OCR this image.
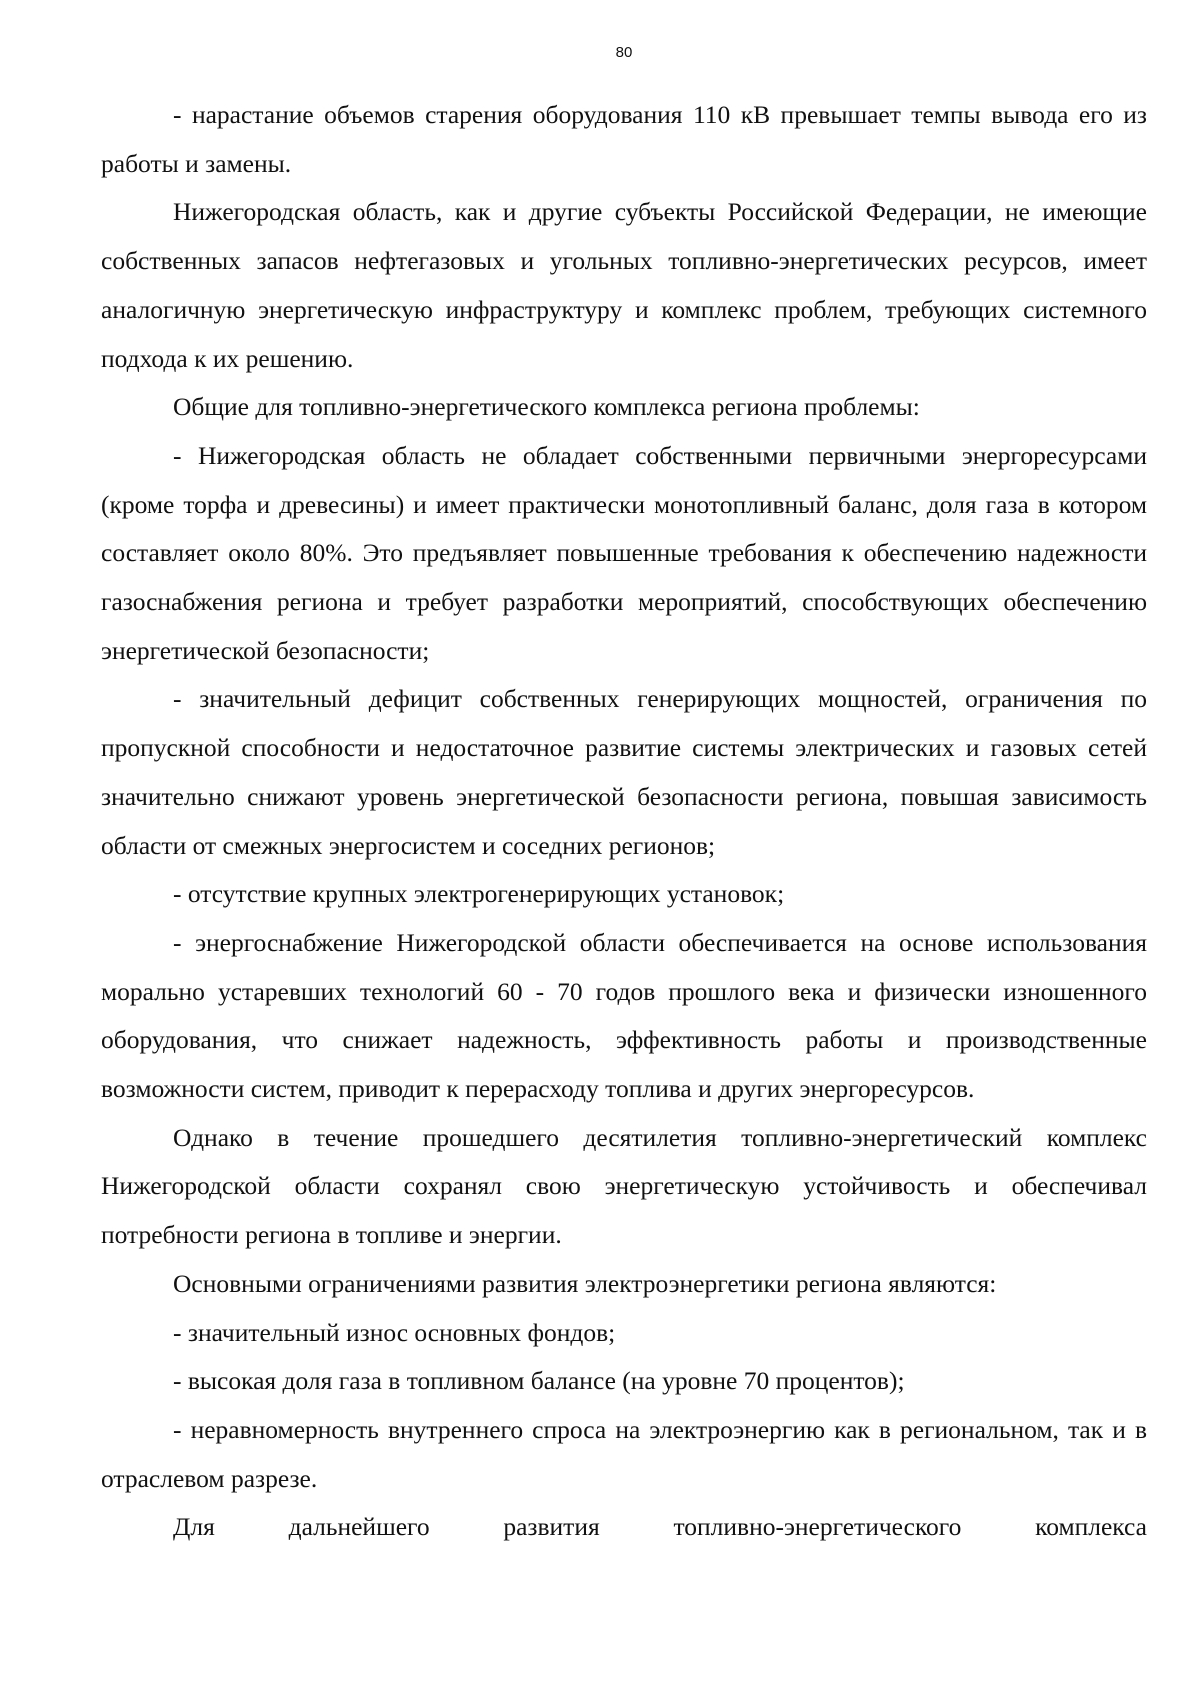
80

- нарастание объемов старения оборудования 110 кВ превышает темпы вывода его из работы и замены.

Нижегородская область, как и другие субъекты Российской Федерации, не имеющие собственных запасов нефтегазовых и угольных топливно-энергетических ресурсов, имеет аналогичную энергетическую инфраструктуру и комплекс проблем, требующих системного подхода к их решению.

Общие для топливно-энергетического комплекса региона проблемы:

- Нижегородская область не обладает собственными первичными энергоресурсами (кроме торфа и древесины) и имеет практически монотопливный баланс, доля газа в котором составляет около 80%. Это предъявляет повышенные требования к обеспечению надежности газоснабжения региона и требует разработки мероприятий, способствующих обеспечению энергетической безопасности;

- значительный дефицит собственных генерирующих мощностей, ограничения по пропускной способности и недостаточное развитие системы электрических и газовых сетей значительно снижают уровень энергетической безопасности региона, повышая зависимость области от смежных энергосистем и соседних регионов;

- отсутствие крупных электрогенерирующих установок;

- энергоснабжение Нижегородской области обеспечивается на основе использования морально устаревших технологий 60 - 70 годов прошлого века и физически изношенного оборудования, что снижает надежность, эффективность работы и производственные возможности систем, приводит к перерасходу топлива и других энергоресурсов.

Однако в течение прошедшего десятилетия топливно-энергетический комплекс Нижегородской области сохранял свою энергетическую устойчивость и обеспечивал потребности региона в топливе и энергии.

Основными ограничениями развития электроэнергетики региона являются:

- значительный износ основных фондов;

- высокая доля газа в топливном балансе (на уровне 70 процентов);

- неравномерность внутреннего спроса на электроэнергию как в региональном, так и в отраслевом разрезе.

Для дальнейшего развития топливно-энергетического комплекса
